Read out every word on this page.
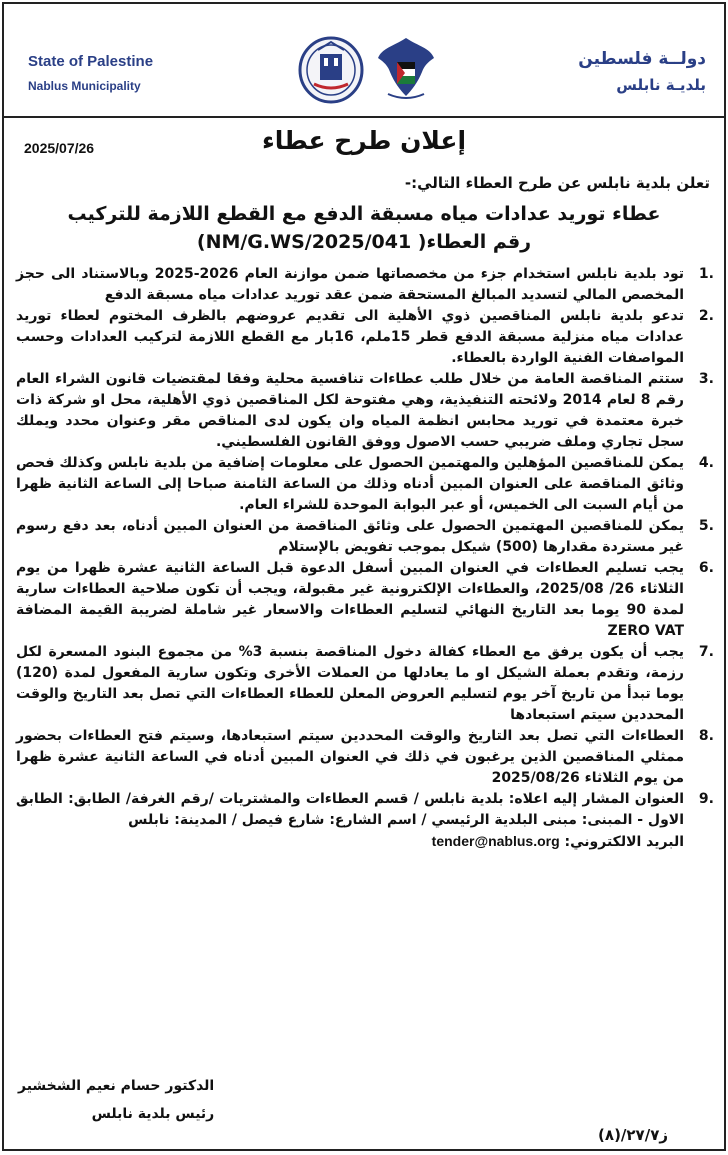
State of Palestine
Nablus Municipality
دولــة فلسطين
بلديـة نابلس
2025/07/26	إعلان طرح عطاء
تعلن بلدية نابلس عن طرح العطاء التالي:-
عطاء توريد عدادات مياه مسبقة الدفع مع القطع اللازمة للتركيب
رقم العطاء( NM/G.WS/2025/041)
.1
تود بلدية نابلس استخدام جزء من مخصصاتها ضمن موازنة العام 2026-2025 وبالاستناد الى حجز المخصص المالي لتسديد المبالغ المستحقة ضمن عقد توريد عدادات مياه مسبقة الدفع
.2
تدعو بلدية نابلس المناقصين ذوي الأهلية الى تقديم عروضهم بالظرف المختوم لعطاء توريد عدادات مياه منزلية مسبقة الدفع قطر 15ملم، 16بار مع القطع اللازمة لتركيب العدادات وحسب المواصفات الفنية الواردة بالعطاء.
.3
ستتم المناقصة العامة من خلال طلب عطاءات تنافسية محلية وفقا لمقتضيات قانون الشراء العام رقم 8 لعام 2014 ولائحته التنفيذية، وهي مفتوحة لكل المناقصين ذوي الأهلية، محل او شركة ذات خبرة معتمدة في توريد محابس انظمة المياه وان يكون لدى المناقص مقر وعنوان محدد ويملك سجل تجاري وملف ضريبي حسب الاصول ووفق القانون الفلسطيني.
.4
يمكن للمناقصين المؤهلين والمهتمين الحصول على معلومات إضافية من بلدية نابلس وكذلك فحص وثائق المناقصة على العنوان المبين أدناه وذلك من الساعة الثامنة صباحا إلى الساعة الثانية ظهرا من أيام السبت الى الخميس، أو عبر البوابة الموحدة للشراء العام.
.5
يمكن للمناقصين المهتمين الحصول على وثائق المناقصة من العنوان المبين أدناه، بعد دفع رسوم غير مستردة مقدارها (500) شيكل بموجب تفويض بالإستلام
.6
يجب تسليم العطاءات في العنوان المبين أسفل الدعوة قبل الساعة الثانية عشرة ظهرا من يوم الثلاثاء 26/ 2025/08، والعطاءات الإلكترونية غير مقبولة، ويجب أن تكون صلاحية العطاءات سارية لمدة 90 يوما بعد التاريخ النهائي لتسليم العطاءات والاسعار غير شاملة لضريبة القيمة المضافة ZERO VAT
.7
يجب أن يكون يرفق مع العطاء كفالة دخول المناقصة بنسبة 3% من مجموع البنود المسعرة لكل رزمة، وتقدم بعملة الشيكل او ما يعادلها من العملات الأخرى وتكون سارية المفعول لمدة (120) يوما تبدأ من تاريخ آخر يوم لتسليم العروض المعلن للعطاء العطاءات التي تصل بعد التاريخ والوقت المحددين سيتم استبعادها
.8
العطاءات التي تصل بعد التاريخ والوقت المحددين سيتم استبعادها، وسيتم فتح العطاءات بحضور ممثلي المناقصين الذين يرغبون في ذلك في العنوان المبين أدناه في الساعة الثانية عشرة ظهرا من يوم الثلاثاء 2025/08/26
.9
العنوان المشار إليه اعلاه: بلدية نابلس / قسم العطاءات والمشتريات /رقم الغرفة/ الطابق: الطابق الاول - المبنى: مبنى البلدية الرئيسي / اسم الشارع: شارع فيصل / المدينة: نابلس
البريد الالكتروني: tender@nablus.org
الدكتور حسام نعيم الشخشير
رئيس بلدية نابلس
ز٢٧/٧/(٨)
